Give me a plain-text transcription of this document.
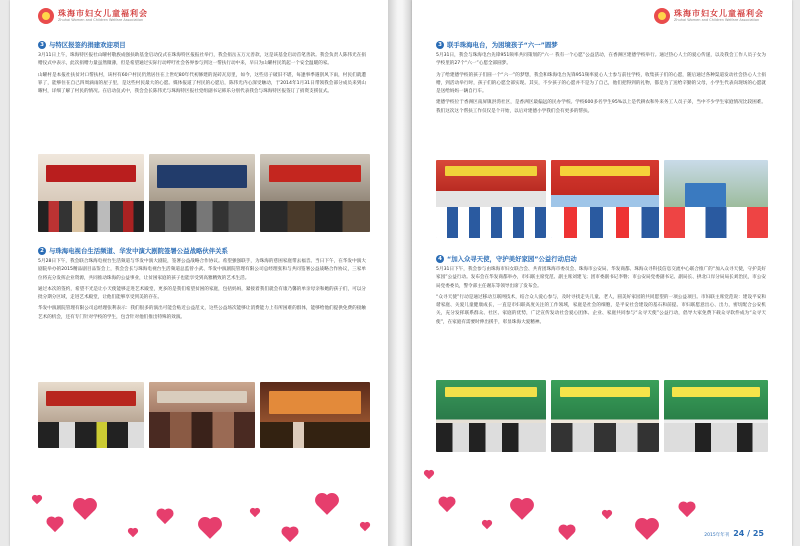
珠海市妇女儿童福利会
Zhuhai Women and Children Welfare Association
3 与特区报签约捐建欢迎项目
3月11日上午，珠海特区报社山曜村敬族成强扶助基金启动仪式在珠海特区报报社举行，我会捐岳五万元善款，这是该基金启动首笔善款。我会负责人陈伟光在捐赠仪式中表示，此次捐赠力量虽然微薄，但是希望通过实际行动呼吁社会各界参与到这一帮扶行动中来，早日为山曜村民筑起一个安全温暖的家。
山曜村是本报社扶贫对口帮扶村，该村有60户村民仍然居住在上世纪80年代初修建的泥砖瓦房里，如今，这些房子破旧不堪，每逢事季遇刮风下雨，村民们就遭罪了，能够住在自己四周滴雨的屋子里，是这些村民最大的心愿。媒体报道了村民的心愿后，陈伟光内心深受触动，于2014年1月31日带领我会部分成员来到山曜村，详细了解了村民的情况。在启动仪式中，我会会长陈伟光与珠海特区报社党组副书记韩乐分别代表我会与珠海特区报签订了捐资支援仪式。
2 与珠海电视台生活频道、华发中演大剧院签署公益战略伙伴关系
5月28日下午，我会联合珠海电视台生活频道与华发中演大剧院，签署公益战略合作协议。希望强强联手，为珠海的慈困家庭带去福音。当日下午，在华发中演大剧院举办的2015精品剧目品鉴会上，我会会长与珠海电视台生活频道总监曾小武、华发中演剧院管理有限公司总经理张和与共同签署公益战略合作协议，三家单位将充分发挥企业资源，共同推动珠海的公益事业，让贫困家庭的孩子也能享受到高雅精致的艺术生活。
通过本次的签约，希望不光是让小天使能够走进艺术殿堂，更多的是我们希望贫困的家庭，包括妈妈，紧接着我们就会有康乃馨的单亲母亲和她的孩子们，可以分批分期分区域，走进艺术殿堂，让他们能够享受到美的存在。
华发中演剧院管理有限公司总经理张利表示：我们很多的演出可能会贴近公益范文，这些公益场次能够让消费能力上有所困难的群体，能够给他们提供免费的接触艺术的机会，还有专门针对学校的学生，包含针对他们推出特殊的效演。
珠海市妇女儿童福利会
Zhuhai Women and Children Welfare Association
3 联手珠海电台，为困境孩子“六一”圆梦
5月31日，我会与珠海电台先锋951频率共同策划的“六一 我有一个心愿”公益活动，在香洲区建德学校举行。通过热心人士的爱心传递，以及我会工作人员子女为学校里的27个“六一”心愿全部圆梦。
为了给建德学校的孩子们圆一个“六一”的梦想，我会和珠海电台先锋951频率爱心人士参与前往学校，收集孩子们的心愿，随后通过各种渠道发动社会热心人士捐赠，到活动举行时，孩子们的心愿全部实现。其实，不少孩子的心愿并不是为了自己，他们把得到的礼物，都是为了送给辛勤的父母，小学生代表向现场的心愿就是送给妈妈一辆自行车。
建德学校位于香洲区南屏镇洪湾社区，是香洲区最偏远的民办学校。学校600多名学生95%以上是代耕农和外来务工人员子弟，当中不少学生家庭情况比较困难。我们这次这个帮扶工作仅仅是个开始，以后对建德小学我们会有更多的帮扶。
4 “加入众寻天使，守护美好家园”公益行动启动
5月31日下午，我会参与由珠海市妇女联合会、共青团珠海市委员会、珠海市公安局、华发商都、珠海众寻科技信息交流中心联合推广的“加入众寻天使，守护美好家园”公益行动。发布会在华发商都举办，市妇联主席党范、副主席刘建飞；团市委副书记李磐；市公安局党委副书记、副局长、拱北口岸分局局长刘治民，市公安局党委委员，警令部主任谢东等领导出席了发布会。
“众寻天使”行动是通过移动互联网技术，结合众人爱心参与，及时寻找走失儿童、老人，圆美好家园的共同愿望的一项公益项目。市妇联主席党范说：建设平安和谐家庭、关爱儿童健康成长，一直是市妇联高度关注的工作领域，家庭是社会的细胞，是平安社会建设的基石和前提。市妇联愿意出心、出力，密切配合公安机关，充分发挥联系群众、社区、家庭的优势，广泛宣传发动社会爱心团体、企业、家庭共同参与“众寻天使”公益行动，倡导大家免费下载众寻软件成为“众寻天使”，在家庭有需要时伸出援手，彰显珠海大爱精神。
2015年年刊 24 / 25
